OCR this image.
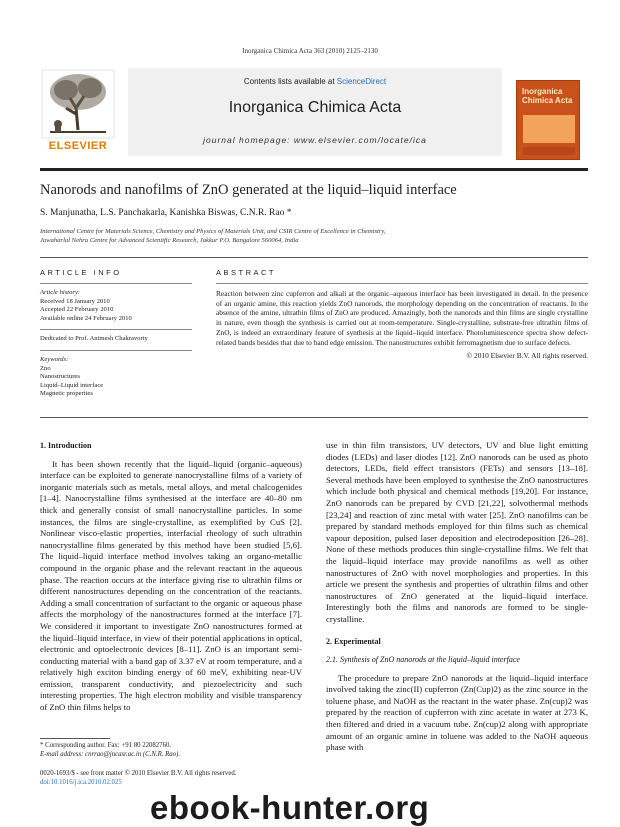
Inorganica Chimica Acta 363 (2010) 2125–2130
ELSEVIER
Contents lists available at ScienceDirect
Inorganica Chimica Acta
journal homepage: www.elsevier.com/locate/ica
Inorganica Chimica Acta
Nanorods and nanofilms of ZnO generated at the liquid–liquid interface
S. Manjunatha, L.S. Panchakarla, Kanishka Biswas, C.N.R. Rao *
International Centre for Materials Science, Chemistry and Physics of Materials Unit, and CSIR Centre of Excellence in Chemistry,
Jawaharlal Nehru Centre for Advanced Scientific Research, Jakkur P.O. Bangalore 560064, India
ARTICLE INFO
Article history:
Received 18 January 2010
Accepted 22 February 2010
Available online 24 February 2010
Dedicated to Prof. Animesh Chakravorty
Keywords:
Zno
Nanostructures
Liquid–Liquid interface
Magnetic properties
ABSTRACT
Reaction between zinc cupferron and alkali at the organic–aqueous interface has been investigated in detail. In the presence of an organic amine, this reaction yields ZnO nanorods, the morphology depending on the concentration of reactants. In the absence of the amine, ultrathin films of ZnO are produced. Amazingly, both the nanorods and thin films are single crystalline in nature, even though the synthesis is carried out at room-temperature. Single-crystalline, substrate-free ultrathin films of ZnO, is indeed an extraordinary feature of synthesis at the liquid–liquid interface. Photoluminescence spectra show defect-related bands besides that due to band edge emission. The nanostructures exhibit ferromagnetism due to surface defects.
© 2010 Elsevier B.V. All rights reserved.
1. Introduction

It has been shown recently that the liquid–liquid (organic–aqueous) interface can be exploited to generate nanocrystalline films of a variety of inorganic materials such as metals, metal alloys, and metal chalcogenides [1–4]. Nanocrystalline films synthesised at the interface are 40–80 nm thick and generally consist of small nanocrystalline particles. In some instances, the films are single-crystalline, as exemplified by CuS [2]. Nonlinear visco-elastic properties, interfacial rheology of such ultrathin nanocrystalline films generated by this method have been studied [5,6]. The liquid–liquid interface method involves taking an organo-metallic compound in the organic phase and the relevant reactant in the aqueous phase. The reaction occurs at the interface giving rise to ultrathin films or different nanostructures depending on the concentration of the reactants. Adding a small concentration of surfactant to the organic or aqueous phase affects the morphology of the nanostructures formed at the interface [7]. We considered it important to investigate ZnO nanostructures formed at the liquid–liquid interface, in view of their potential applications in optical, electronic and optoelectronic devices [8–11]. ZnO is an important semi-conducting material with a band gap of 3.37 eV at room temperature, and a relatively high exciton binding energy of 60 meV, exhibiting near-UV emission, transparent conductivity, and piezoelectricity and such interesting properties. The high electron mobility and visible transparency of ZnO thin films helps to

use in thin film transistors, UV detectors, UV and blue light emitting diodes (LEDs) and laser diodes [12]. ZnO nanorods can be used as photo detectors, LEDs, field effect transistors (FETs) and sensors [13–18]. Several methods have been employed to synthesise the ZnO nanostructures which include both physical and chemical methods [19,20]. For instance, ZnO nanorods can be prepared by CVD [21,22], solvothermal methods [23,24] and reaction of zinc metal with water [25]. ZnO nanofilms can be prepared by standard methods employed for thin films such as chemical vapour deposition, pulsed laser deposition and electrodeposition [26–28]. None of these methods produces thin single-crystalline films. We felt that the liquid–liquid interface may provide nanofilms as well as other nanostructures of ZnO with novel morphologies and properties. In this article we present the synthesis and properties of ultrathin films and other nanostructures of ZnO generated at the liquid–liquid interface. Interestingly both the films and nanorods are formed to be single-crystalline.

2. Experimental
2.1. Synthesis of ZnO nanorods at the liquid–liquid interface

The procedure to prepare ZnO nanorods at the liquid–liquid interface involved taking the zinc(II) cupferron (Zn(Cup)2) as the zinc source in the toluene phase, and NaOH as the reactant in the water phase. Zn(cup)2 was prepared by the reaction of cupferron with zinc acetate in water at 273 K, then filtered and dried in a vacuum tube. Zn(cup)2 along with appropriate amount of an organic amine in toluene was added to the NaOH aqueous phase with

* Corresponding author. Fax: +91 80 22082760.
E-mail address: cnrrao@jncasr.ac.in (C.N.R. Rao).
0020-1693/$ - see front matter © 2010 Elsevier B.V. All rights reserved.
doi:10.1016/j.ica.2010.02.025
ebook-hunter.org
